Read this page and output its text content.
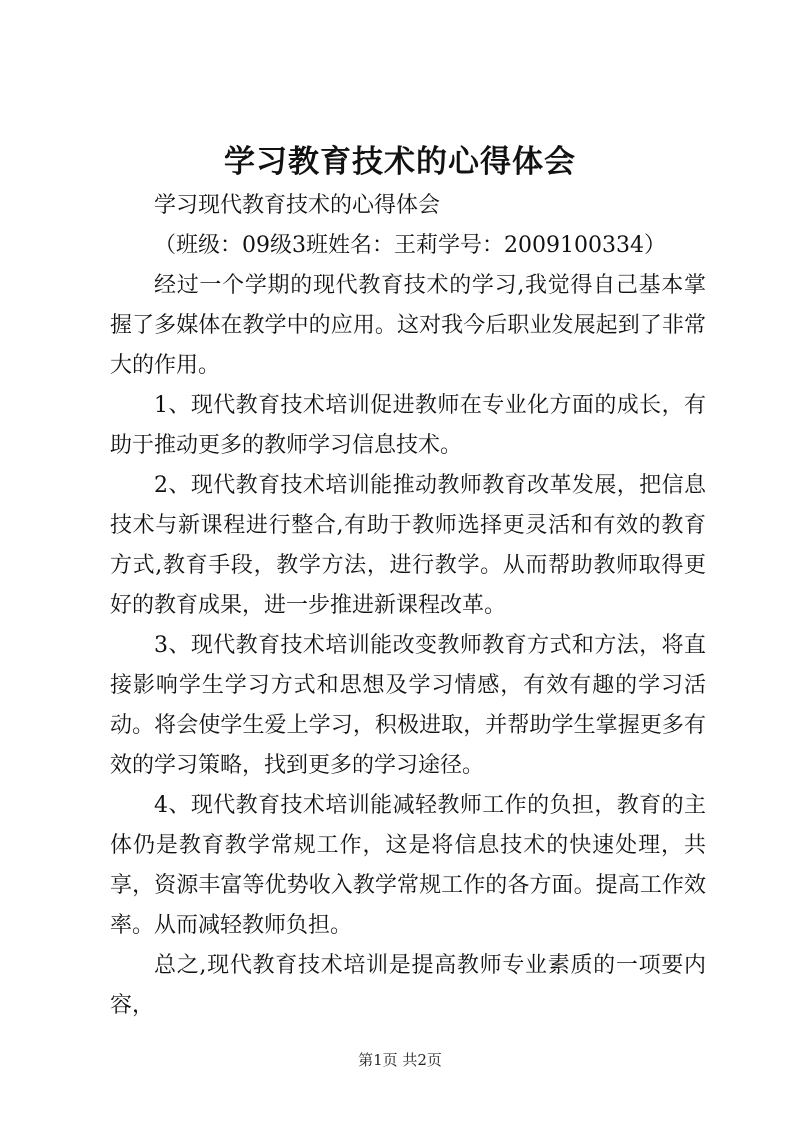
学习教育技术的心得体会

学习现代教育技术的心得体会

（班级：09级3班姓名：王莉学号：2009100334）

经过一个学期的现代教育技术的学习,我觉得自己基本掌握了多媒体在教学中的应用。这对我今后职业发展起到了非常大的作用。

1、现代教育技术培训促进教师在专业化方面的成长，有助于推动更多的教师学习信息技术。

2、现代教育技术培训能推动教师教育改革发展，把信息技术与新课程进行整合,有助于教师选择更灵活和有效的教育方式,教育手段，教学方法，进行教学。从而帮助教师取得更好的教育成果，进一步推进新课程改革。

3、现代教育技术培训能改变教师教育方式和方法，将直接影响学生学习方式和思想及学习情感，有效有趣的学习活动。将会使学生爱上学习，积极进取，并帮助学生掌握更多有效的学习策略，找到更多的学习途径。

4、现代教育技术培训能减轻教师工作的负担，教育的主体仍是教育教学常规工作，这是将信息技术的快速处理，共享，资源丰富等优势收入教学常规工作的各方面。提高工作效率。从而减轻教师负担。

总之,现代教育技术培训是提高教师专业素质的一项要内容，

第1页 共2页
